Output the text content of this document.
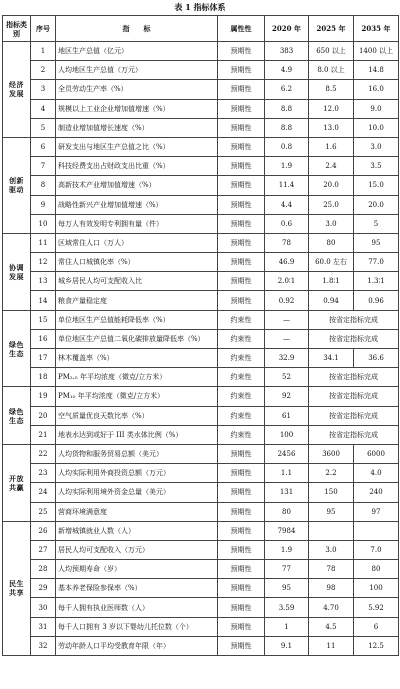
表 1 指标体系
指标类别	序号	指　　标	属性性	2020 年	2025 年	2035 年
经济发展	1	地区生产总值（亿元）	预期性	383	650 以上	1400 以上
	2	人均地区生产总值（万元）	预期性	4.9	8.0 以上	14.8
	3	全员劳动生产率（%）	预期性	6.2	8.5	16.0
	4	规模以上工业企业增加值增速（%）	预期性	8.8	12.0	9.0
	5	制造业增加值增长速度（%）	预期性	8.8	13.0	10.0
创新驱动	6	研发支出与地区生产总值之比（%）	预期性	0.8	1.6	3.0
	7	科技经费支出占财政支出比重（%）	预期性	1.9	2.4	3.5
	8	高新技术产业增加值增速（%）	预期性	11.4	20.0	15.0
	9	战略性新兴产业增加值增速（%）	预期性	4.4	25.0	20.0
	10	每万人有效发明专利拥有量（件）	预期性	0.6	3.0	5
协调发展	11	区域常住人口（万人）	预期性	78	80	95
	12	常住人口城镇化率（%）	预期性	46.9	60.0 左右	77.0
	13	城乡居民人均可支配收入比	预期性	2.0∶1	1.8∶1	1.3∶1
	14	粮食产量稳定度	预期性	0.92	0.94	0.96
绿色生态	15	单位地区生产总值能耗降低率（%）	约束性	—	按省定指标完成	
	16	单位地区生产总值二氧化碳排放量降低率（%）	约束性	—	按省定指标完成	
	17	林木覆盖率（%）	约束性	32.9	34.1	36.6
	18	PM₂.₅ 年平均浓度（微克/立方米）	约束性	52	按省定指标完成	
绿色生态	19	PM₁₀ 年平均浓度（微克/立方米）	约束性	92	按省定指标完成	
	20	空气质量优良天数比率（%）	约束性	61	按省定指标完成	
	21	地表水达到或好于 III 类水体比例（%）	约束性	100	按省定指标完成	
开放共赢	22	人均货物和服务贸易总额（美元）	预期性	2456	3600	6000
	23	人均实际利用外商投资总额（万元）	预期性	1.1	2.2	4.0
	24	人均实际利用境外资金总量（美元）	预期性	131	150	240
	25	营商环境满意度	预期性	80	95	97
民生共享	26	新增城镇就业人数（人）	预期性	7984		
	27	居民人均可支配收入（万元）	预期性	1.9	3.0	7.0
	28	人均预期寿命（岁）	预期性	77	78	80
	29	基本养老保险参保率（%）	预期性	95	98	100
	30	每千人拥有执业医师数（人）	预期性	3.59	4.70	5.92
	31	每千人口拥有 3 岁以下婴幼儿托位数（个）	预期性	1	4.5	6
	32	劳动年龄人口平均受教育年限（年）	预期性	9.1	11	12.5
